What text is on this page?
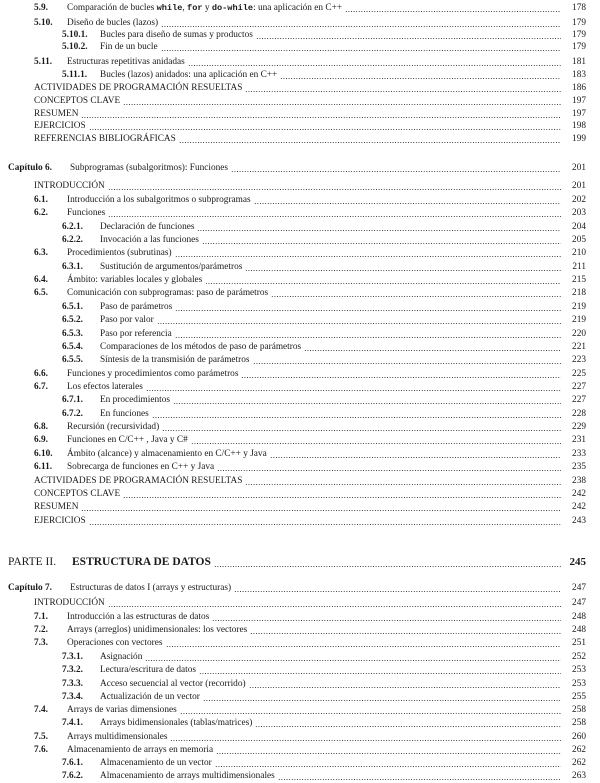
5.9.	Comparación de bucles while, for y do-while: una aplicación en C++	178
5.10.	Diseño de bucles (lazos)	179
5.10.1.	Bucles para diseño de sumas y productos	179
5.10.2.	Fin de un bucle	179
5.11.	Estructuras repetitivas anidadas	181
5.11.1.	Bucles (lazos) anidados: una aplicación en C++	183
ACTIVIDADES DE PROGRAMACIÓN RESUELTAS	186
CONCEPTOS CLAVE	197
RESUMEN	197
EJERCICIOS	198
REFERENCIAS BIBLIOGRÁFICAS	199
Capítulo 6.	Subprogramas (subalgoritmos): Funciones	201
INTRODUCCIÓN	201
6.1.	Introducción a los subalgoritmos o subprogramas	202
6.2.	Funciones	203
6.2.1.	Declaración de funciones	204
6.2.2.	Invocación a las funciones	205
6.3.	Procedimientos (subrutinas)	210
6.3.1.	Sustitución de argumentos/parámetros	211
6.4.	Ámbito: variables locales y globales	215
6.5.	Comunicación con subprogramas: paso de parámetros	218
6.5.1.	Paso de parámetros	219
6.5.2.	Paso por valor	219
6.5.3.	Paso por referencia	220
6.5.4.	Comparaciones de los métodos de paso de parámetros	221
6.5.5.	Síntesis de la transmisión de parámetros	223
6.6.	Funciones y procedimientos como parámetros	225
6.7.	Los efectos laterales	227
6.7.1.	En procedimientos	227
6.7.2.	En funciones	228
6.8.	Recursión (recursividad)	229
6.9.	Funciones en C/C++ , Java y C#	231
6.10.	Ámbito (alcance) y almacenamiento en C/C++ y Java	233
6.11.	Sobrecarga de funciones en C++ y Java	235
ACTIVIDADES DE PROGRAMACIÓN RESUELTAS	238
CONCEPTOS CLAVE	242
RESUMEN	242
EJERCICIOS	243
PARTE II.	ESTRUCTURA DE DATOS	245
Capítulo 7.	Estructuras de datos I (arrays y estructuras)	247
INTRODUCCIÓN	247
7.1.	Introducción a las estructuras de datos	248
7.2.	Arrays (arreglos) unidimensionales: los vectores	248
7.3.	Operaciones con vectores	251
7.3.1.	Asignación	252
7.3.2.	Lectura/escritura de datos	253
7.3.3.	Acceso secuencial al vector (recorrido)	253
7.3.4.	Actualización de un vector	255
7.4.	Arrays de varias dimensiones	258
7.4.1.	Arrays bidimensionales (tablas/matrices)	258
7.5.	Arrays multidimensionales	260
7.6.	Almacenamiento de arrays en memoria	262
7.6.1.	Almacenamiento de un vector	262
7.6.2.	Almacenamiento de arrays multidimensionales	263
